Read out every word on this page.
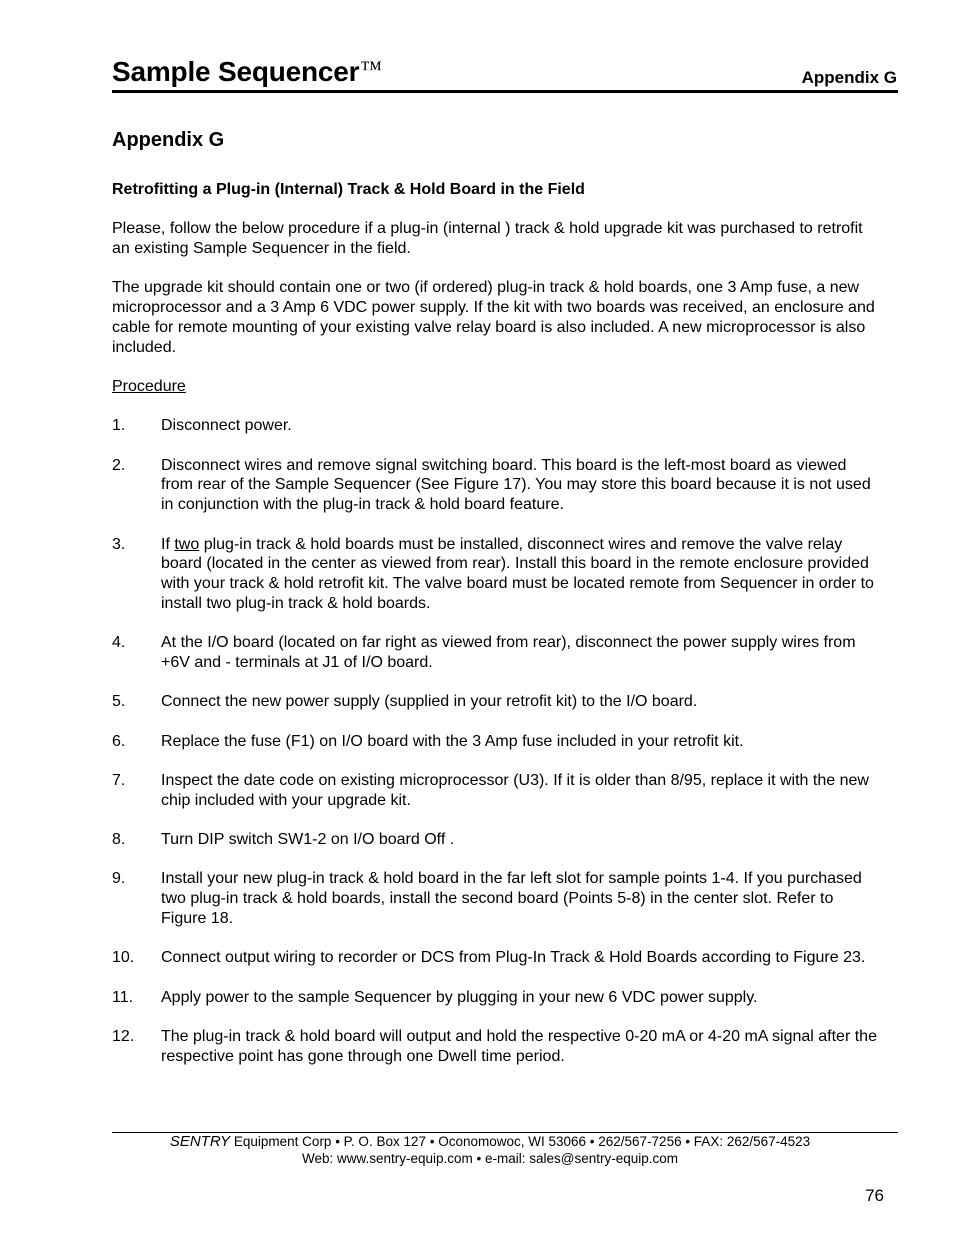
Sample Sequencer™	Appendix G
Appendix G
Retrofitting a Plug-in (Internal) Track & Hold Board in the Field

Please, follow the below procedure if a plug-in (internal ) track & hold upgrade kit was purchased to retrofit an existing Sample Sequencer in the field.

The upgrade kit should contain one or two (if ordered) plug-in track & hold boards, one 3 Amp fuse, a new microprocessor and a 3 Amp 6 VDC power supply. If the kit with two boards was received, an enclosure and cable for remote mounting of your existing valve relay board is also included. A new microprocessor is also included.

Procedure

1.	Disconnect power.
2.	Disconnect wires and remove signal switching board. This board is the left-most board as viewed from rear of the Sample Sequencer (See Figure 17). You may store this board because it is not used in conjunction with the plug-in track & hold board feature.
3.	If two plug-in track & hold boards must be installed, disconnect wires and remove the valve relay board (located in the center as viewed from rear). Install this board in the remote enclosure provided with your track & hold retrofit kit. The valve board must be located remote from Sequencer in order to install two plug-in track & hold boards.
4.	At the I/O board (located on far right as viewed from rear), disconnect the power supply wires from +6V and - terminals at J1 of I/O board.
5.	Connect the new power supply (supplied in your retrofit kit) to the I/O board.
6.	Replace the fuse (F1) on I/O board with the 3 Amp fuse included in your retrofit kit.
7.	Inspect the date code on existing microprocessor (U3). If it is older than 8/95, replace it with the new chip included with your upgrade kit.
8.	Turn DIP switch SW1-2 on I/O board Off .
9.	Install your new plug-in track & hold board in the far left slot for sample points 1-4. If you purchased two plug-in track & hold boards, install the second board (Points 5-8) in the center slot. Refer to Figure 18.
10.	Connect output wiring to recorder or DCS from Plug-In Track & Hold Boards according to Figure 23.
11.	Apply power to the sample Sequencer by plugging in your new 6 VDC power supply.
12.	The plug-in track & hold board will output and hold the respective 0-20 mA or 4-20 mA signal after the respective point has gone through one Dwell time period.
SENTRY Equipment Corp • P. O. Box 127 • Oconomowoc, WI 53066 • 262/567-7256 • FAX: 262/567-4523
Web: www.sentry-equip.com • e-mail: sales@sentry-equip.com
76
